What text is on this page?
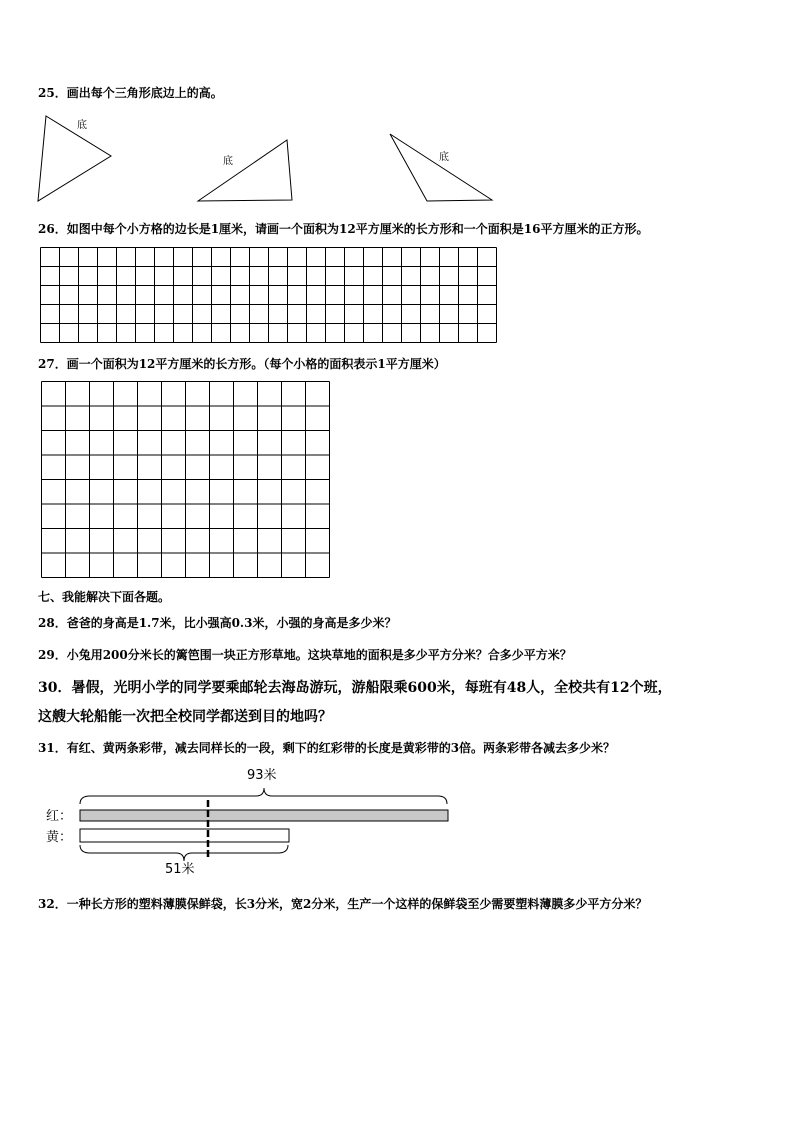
25．画出每个三角形底边上的高。
底
底	底
26．如图中每个小方格的边长是1厘米，请画一个面积为12平方厘米的长方形和一个面积是16平方厘米的正方形。
27．画一个面积为12平方厘米的长方形。（每个小格的面积表示1平方厘米）
七、我能解决下面各题。
28．爸爸的身高是1.7米，比小强高0.3米，小强的身高是多少米？
29．小兔用200分米长的篱笆围一块正方形草地。这块草地的面积是多少平方分米？合多少平方米？
30．暑假，光明小学的同学要乘邮轮去海岛游玩，游船限乘600米，每班有48人，全校共有12个班，
这艘大轮船能一次把全校同学都送到目的地吗？
31．有红、黄两条彩带，减去同样长的一段，剩下的红彩带的长度是黄彩带的3倍。两条彩带各减去多少米？
93米
51米
红：
黄：
32．一种长方形的塑料薄膜保鲜袋，长3分米，宽2分米，生产一个这样的保鲜袋至少需要塑料薄膜多少平方分米？
